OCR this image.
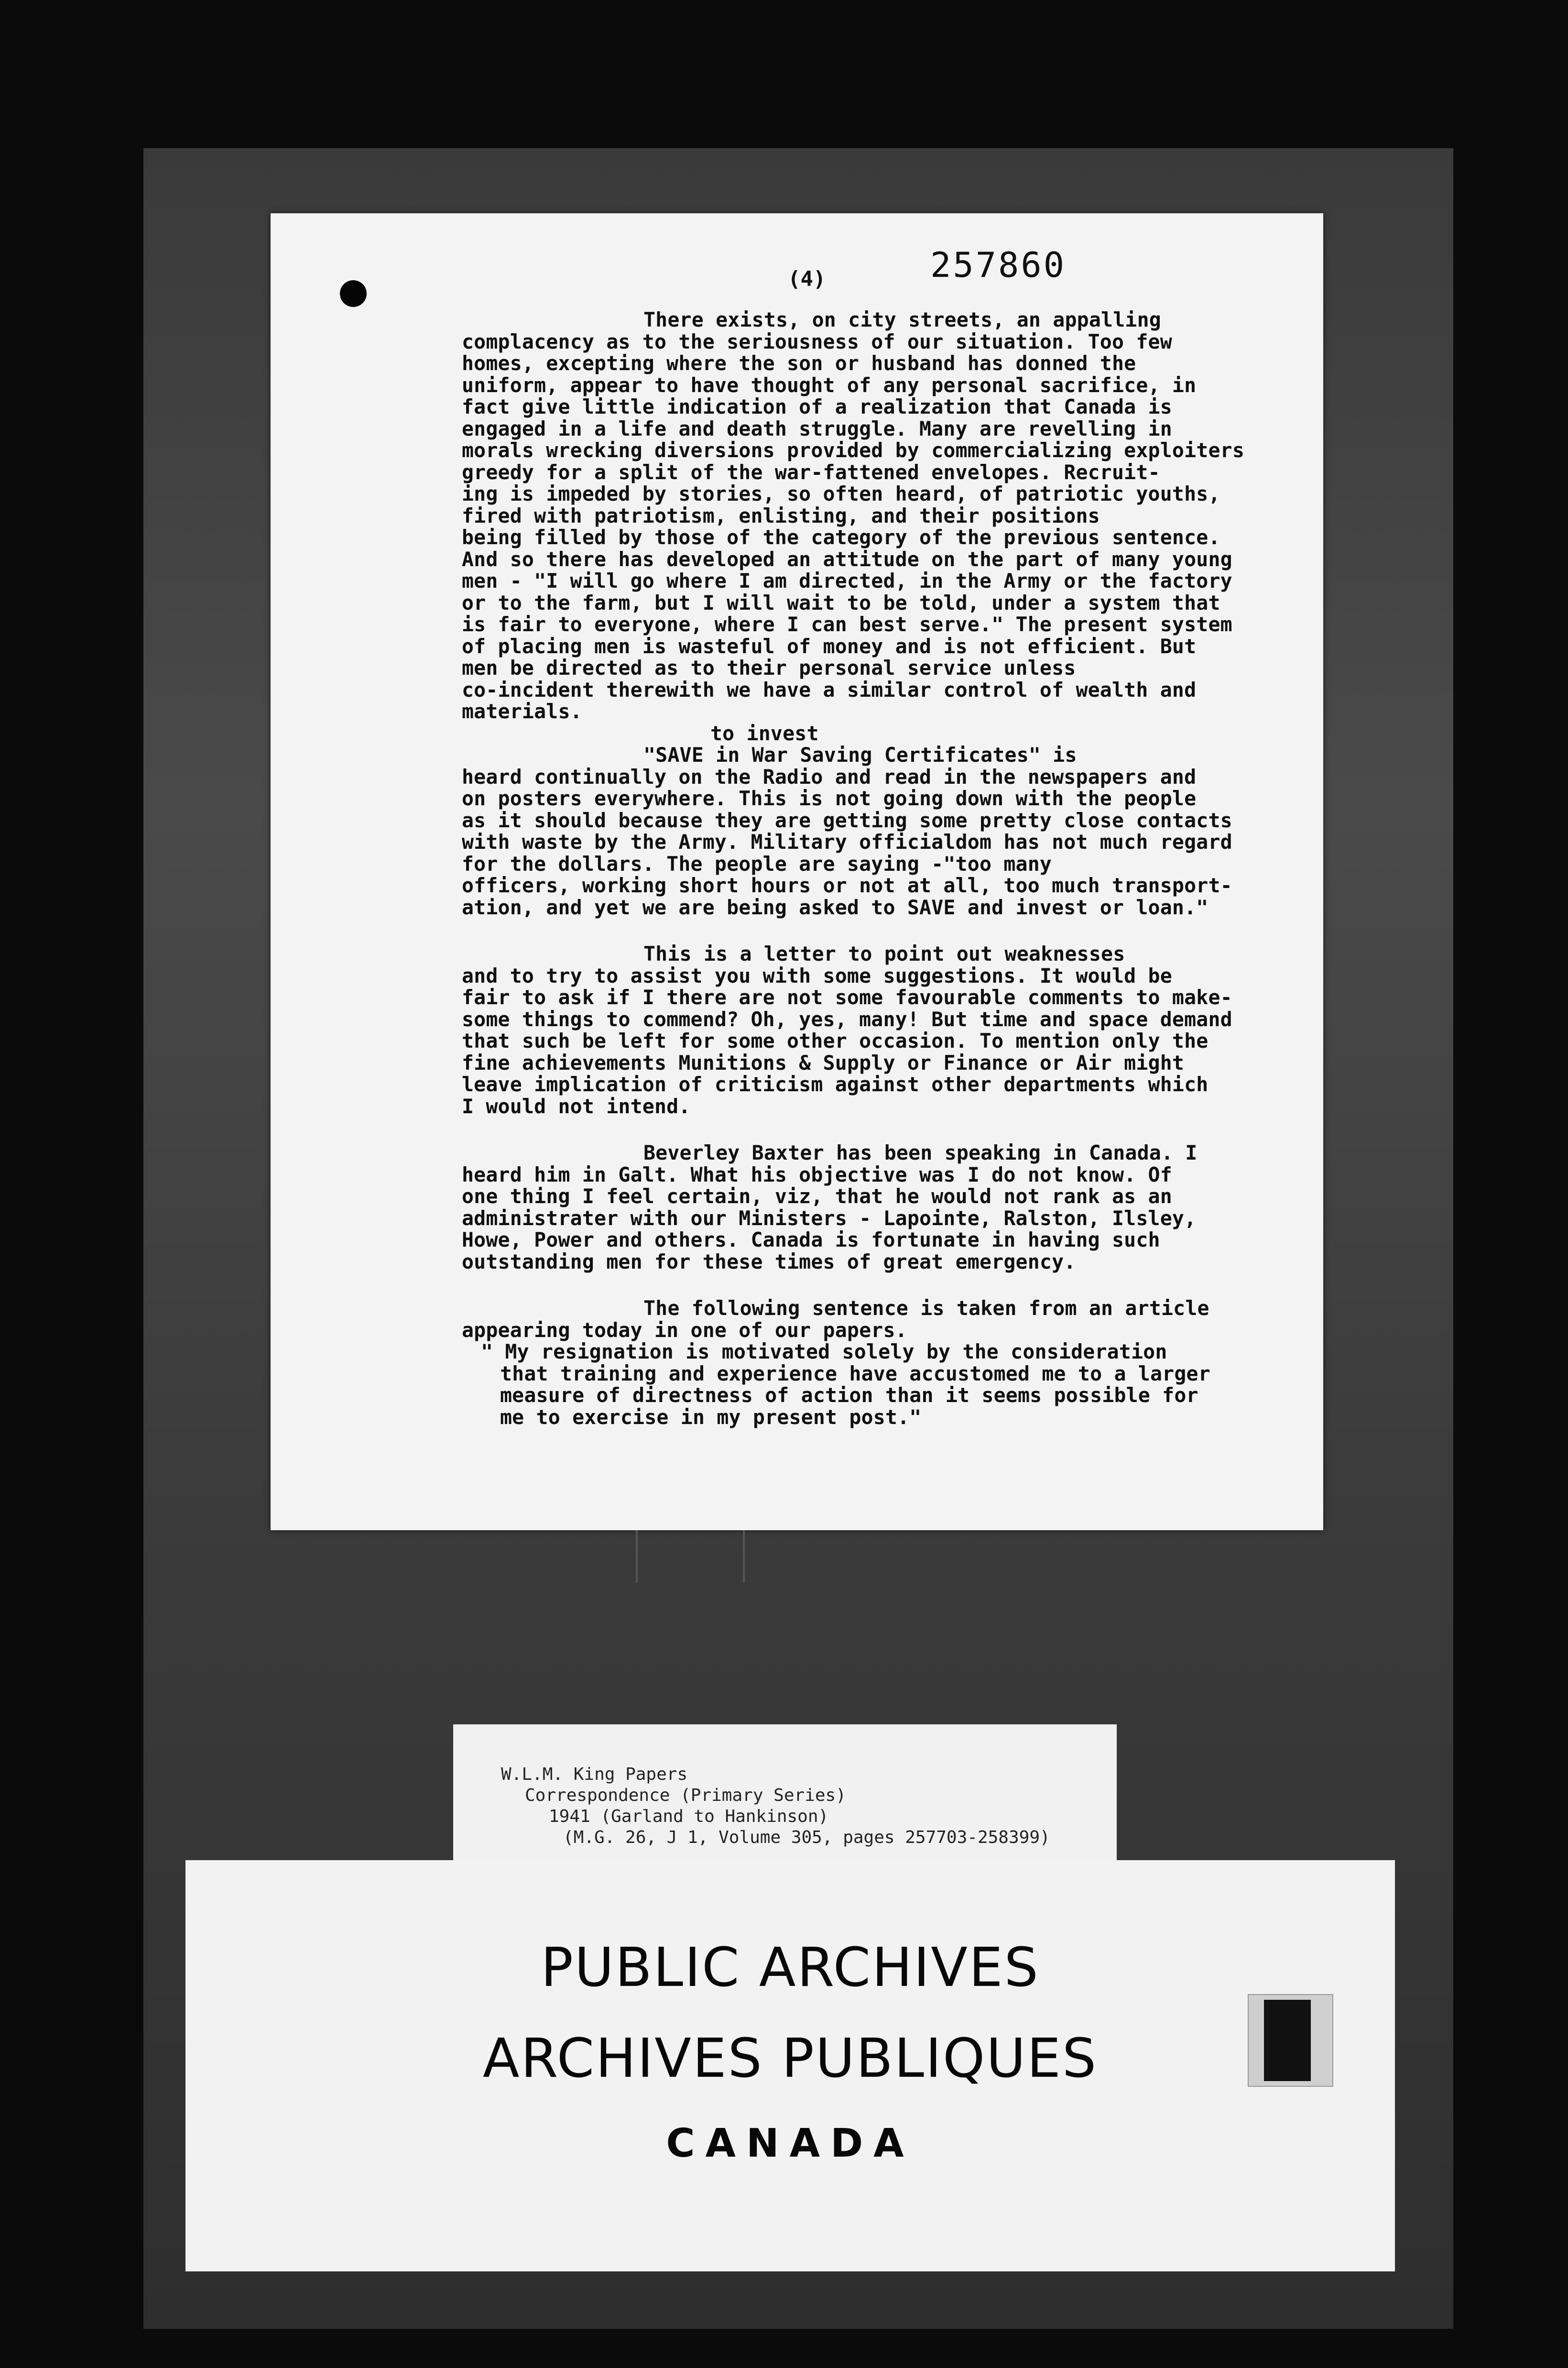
(4)	257860

There exists, on city streets, an appalling
complacency as to the seriousness of our situation. Too few
homes, excepting where the son or husband has donned the
uniform, appear to have thought of any personal sacrifice, in
fact give little indication of a realization that Canada is
engaged in a life and death struggle. Many are revelling in
morals wrecking diversions provided by commercializing exploiters
greedy for a split of the war-fattened envelopes. Recruit-
ing is impeded by stories, so often heard, of patriotic youths,
fired with patriotism, enlisting, and their positions
being filled by those of the category of the previous sentence.
And so there has developed an attitude on the part of many young
men - "I will go where I am directed, in the Army or the factory
or to the farm, but I will wait to be told, under a system that
is fair to everyone, where I can best serve." The present system
of placing men is wasteful of money and is not efficient. But
men be directed as to their personal service unless
co-incident therewith we have a similar control of wealth and
materials.

to invest

"SAVE in War Saving Certificates" is
heard continually on the Radio and read in the newspapers and
on posters everywhere. This is not going down with the people
as it should because they are getting some pretty close contacts
with waste by the Army. Military officialdom has not much regard
for the dollars. The people are saying -"too many
officers, working short hours or not at all, too much transport-
ation, and yet we are being asked to SAVE and invest or loan."

This is a letter to point out weaknesses
and to try to assist you with some suggestions. It would be
fair to ask if I there are not some favourable comments to make-
some things to commend? Oh, yes, many! But time and space demand
that such be left for some other occasion. To mention only the
fine achievements Munitions & Supply or Finance or Air might
leave implication of criticism against other departments which
I would not intend.

Beverley Baxter has been speaking in Canada. I
heard him in Galt. What his objective was I do not know. Of
one thing I feel certain, viz, that he would not rank as an
administrater with our Ministers - Lapointe, Ralston, Ilsley,
Howe, Power and others. Canada is fortunate in having such
outstanding men for these times of great emergency.

The following sentence is taken from an article
appearing today in one of our papers.

" My resignation is motivated solely by the consideration
that training and experience have accustomed me to a larger
measure of directness of action than it seems possible for
me to exercise in my present post."

W.L.M. King Papers
Correspondence (Primary Series)
1941 (Garland to Hankinson)
(M.G. 26, J 1, Volume 305, pages 257703-258399)
PUBLIC ARCHIVES
ARCHIVES PUBLIQUES
CANADA
